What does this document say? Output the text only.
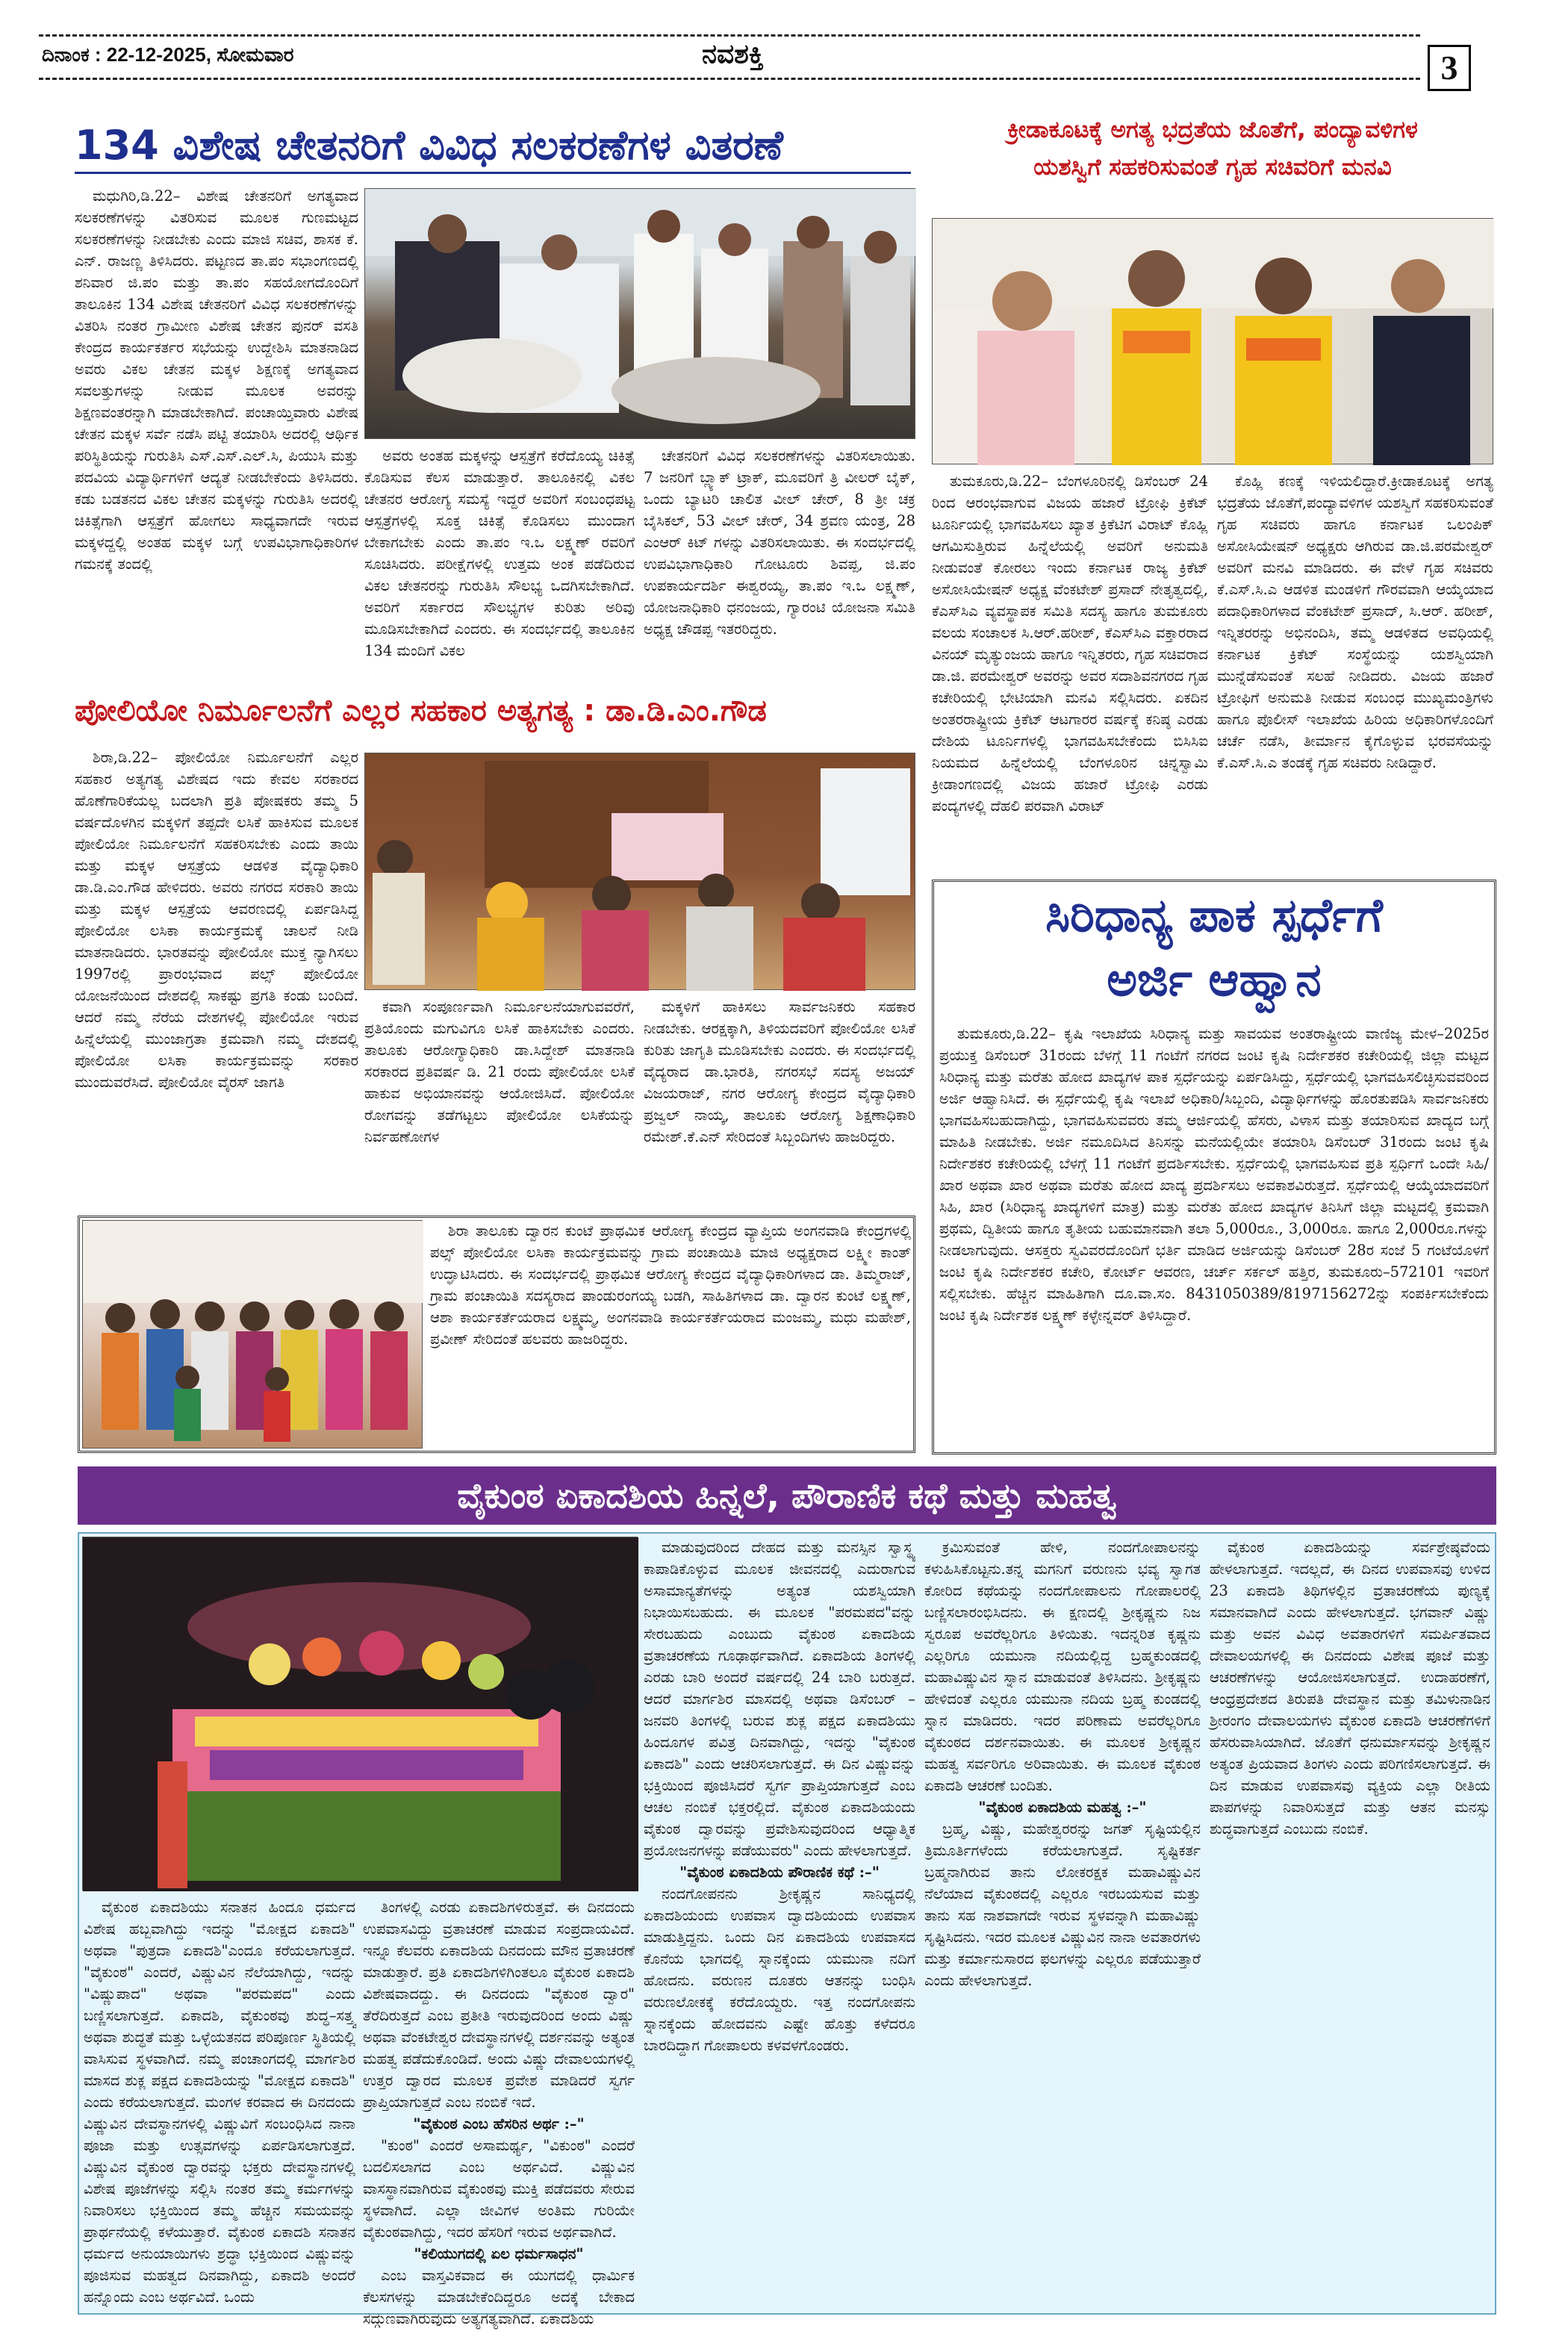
ದಿನಾಂಕ : 22-12-2025, ಸೋಮವಾರ	ನವಶಕ್ತಿ	3
134 ವಿಶೇಷ ಚೇತನರಿಗೆ ವಿವಿಧ ಸಲಕರಣೆಗಳ ವಿತರಣೆ

ಮಧುಗಿರಿ,ಡಿ.22– ವಿಶೇಷ ಚೇತನರಿಗೆ ಅಗತ್ಯವಾದ ಸಲಕರಣೆಗಳನ್ನು ವಿತರಿಸುವ ಮೂಲಕ ಗುಣಮಟ್ಟದ ಸಲಕರಣೆಗಳನ್ನು ನೀಡಬೇಕು ಎಂದು ಮಾಜಿ ಸಚಿವ, ಶಾಸಕ ಕೆ. ಎನ್. ರಾಜಣ್ಣ ತಿಳಿಸಿದರು. ಪಟ್ಟಣದ ತಾ.ಪಂ ಸಭಾಂಗಣದಲ್ಲಿ ಶನಿವಾರ ಜಿ.ಪಂ ಮತ್ತು ತಾ.ಪಂ ಸಹಯೋಗದೊಂದಿಗೆ ತಾಲೂಕಿನ 134 ವಿಶೇಷ ಚೇತನರಿಗೆ ವಿವಿಧ ಸಲಕರಣೆಗಳನ್ನು ವಿತರಿಸಿ ನಂತರ ಗ್ರಾಮೀಣ ವಿಶೇಷ ಚೇತನ ಪುನರ್ ವಸತಿ ಕೇಂದ್ರದ ಕಾರ್ಯಕರ್ತರ ಸಭೆಯನ್ನು ಉದ್ದೇಶಿಸಿ ಮಾತನಾಡಿದ ಅವರು ವಿಕಲ ಚೇತನ ಮಕ್ಕಳ ಶಿಕ್ಷಣಕ್ಕೆ ಅಗತ್ಯವಾದ ಸವಲತ್ತುಗಳನ್ನು ನೀಡುವ ಮೂಲಕ ಅವರನ್ನು ಶಿಕ್ಷಣವಂತರನ್ನಾಗಿ ಮಾಡಬೇಕಾಗಿದೆ. ಪಂಚಾಯ್ತಿವಾರು ವಿಶೇಷ ಚೇತನ ಮಕ್ಕಳ ಸರ್ವೆ ನಡೆಸಿ ಪಟ್ಟಿ ತಯಾರಿಸಿ ಅದರಲ್ಲಿ ಆರ್ಥಿಕ ಪರಿಸ್ಥಿತಿಯನ್ನು ಗುರುತಿಸಿ ಎಸ್.ಎಸ್.ಎಲ್.ಸಿ, ಪಿಯುಸಿ ಮತ್ತು ಪದವಿಯ ವಿದ್ಯಾರ್ಥಿಗಳಿಗೆ ಆದ್ಯತೆ ನೀಡಬೇಕೆಂದು ತಿಳಿಸಿದರು. ಕಡು ಬಡತನದ ವಿಕಲ ಚೇತನ ಮಕ್ಕಳನ್ನು ಗುರುತಿಸಿ ಅದರಲ್ಲಿ ಚಿಕಿತ್ಸೆಗಾಗಿ ಆಸ್ಪತ್ರೆಗೆ ಹೋಗಲು ಸಾಧ್ಯವಾಗದೇ ಇರುವ ಮಕ್ಕಳದ್ದಲ್ಲಿ ಅಂತಹ ಮಕ್ಕಳ ಬಗ್ಗೆ ಉಪವಿಭಾಗಾಧಿಕಾರಿಗಳ ಗಮನಕ್ಕೆ ತಂದಲ್ಲಿ

ಅವರು ಅಂತಹ ಮಕ್ಕಳನ್ನು ಆಸ್ಪತ್ರೆಗೆ ಕರೆದೊಯ್ಯ ಚಿಕಿತ್ಸೆ ಕೊಡಿಸುವ ಕೆಲಸ ಮಾಡುತ್ತಾರೆ. ತಾಲೂಕಿನಲ್ಲಿ ವಿಕಲ ಚೇತನರ ಆರೋಗ್ಯ ಸಮಸ್ಯೆ ಇದ್ದರೆ ಅವರಿಗೆ ಸಂಬಂಧಪಟ್ಟ ಆಸ್ಪತ್ರೆಗಳಲ್ಲಿ ಸೂಕ್ತ ಚಿಕಿತ್ಸೆ ಕೊಡಿಸಲು ಮುಂದಾಗ ಬೇಕಾಗಬೇಕು ಎಂದು ತಾ.ಪಂ ಇ.ಒ ಲಕ್ಷ್ಮಣ್ ರವರಿಗೆ ಸೂಚಿಸಿದರು. ಪರೀಕ್ಷೆಗಳಲ್ಲಿ ಉತ್ತಮ ಅಂಕ ಪಡೆದಿರುವ ವಿಕಲ ಚೇತನರನ್ನು ಗುರುತಿಸಿ ಸೌಲಭ್ಯ ಒದಗಿಸಬೇಕಾಗಿದೆ. ಅವರಿಗೆ ಸರ್ಕಾರದ ಸೌಲಭ್ಯಗಳ ಕುರಿತು ಅರಿವು ಮೂಡಿಸಬೇಕಾಗಿದೆ ಎಂದರು. ಈ ಸಂದರ್ಭದಲ್ಲಿ ತಾಲೂಕಿನ 134 ಮಂದಿಗೆ ವಿಕಲ

ಚೇತನರಿಗೆ ವಿವಿಧ ಸಲಕರಣೆಗಳನ್ನು ವಿತರಿಸಲಾಯಿತು. 7 ಜನರಿಗೆ ಬ್ಲ್ಯಾಕ್ ಟ್ರಾಕ್, ಮೂವರಿಗೆ ತ್ರಿ ವೀಲರ್ ಬೈಕ್, ಒಂದು ಬ್ಯಾಟರಿ ಚಾಲಿತ ವೀಲ್ ಚೇರ್, 8 ತ್ರೀ ಚಕ್ರ ಬೈಸಿಕಲ್, 53 ವೀಲ್ ಚೇರ್, 34 ಶ್ರವಣ ಯಂತ್ರ, 28 ಎಂಆರ್ ಕಿಟ್ ಗಳನ್ನು ವಿತರಿಸಲಾಯಿತು. ಈ ಸಂದರ್ಭದಲ್ಲಿ ಉಪವಿಭಾಗಾಧಿಕಾರಿ ಗೋಟೂರು ಶಿವಪ್ಪ, ಜಿ.ಪಂ ಉಪಕಾರ್ಯದರ್ಶಿ ಈಶ್ವರಯ್ಯ, ತಾ.ಪಂ ಇ.ಒ ಲಕ್ಷ್ಮಣ್, ಯೋಜನಾಧಿಕಾರಿ ಧನಂಜಯ, ಗ್ಯಾರಂಟಿ ಯೋಜನಾ ಸಮಿತಿ ಅಧ್ಯಕ್ಷ ಚೌಡಪ್ಪ ಇತರರಿದ್ದರು.

ಪೋಲಿಯೋ ನಿರ್ಮೂಲನೆಗೆ ಎಲ್ಲರ ಸಹಕಾರ ಅತ್ಯಗತ್ಯ : ಡಾ.ಡಿ.ಎಂ.ಗೌಡ

ಶಿರಾ,ಡಿ.22– ಪೋಲಿಯೋ ನಿರ್ಮೂಲನೆಗೆ ಎಲ್ಲರ ಸಹಕಾರ ಅತ್ಯಗತ್ಯ ವಿಶೇಷದ ಇದು ಕೇವಲ ಸರಕಾರದ ಹೊಣೆಗಾರಿಕೆಯಲ್ಲ ಬದಲಾಗಿ ಪ್ರತಿ ಪೋಷಕರು ತಮ್ಮ 5 ವರ್ಷದೊಳಗಿನ ಮಕ್ಕಳಿಗೆ ತಪ್ಪದೇ ಲಸಿಕೆ ಹಾಕಿಸುವ ಮೂಲಕ ಪೋಲಿಯೋ ನಿರ್ಮೂಲನೆಗೆ ಸಹಕರಿಸಬೇಕು ಎಂದು ತಾಯಿ ಮತ್ತು ಮಕ್ಕಳ ಆಸ್ಪತ್ರೆಯ ಆಡಳಿತ ವೈದ್ಯಾಧಿಕಾರಿ ಡಾ.ಡಿ.ಎಂ.ಗೌಡ ಹೇಳಿದರು. ಅವರು ನಗರದ ಸರಕಾರಿ ತಾಯಿ ಮತ್ತು ಮಕ್ಕಳ ಆಸ್ಪತ್ರೆಯ ಆವರಣದಲ್ಲಿ ಏರ್ಪಡಿಸಿದ್ದ ಪೋಲಿಯೋ ಲಸಿಕಾ ಕಾರ್ಯಕ್ರಮಕ್ಕೆ ಚಾಲನೆ ನೀಡಿ ಮಾತನಾಡಿದರು. ಭಾರತವನ್ನು ಪೋಲಿಯೋ ಮುಕ್ತ ನ್ಯಾಗಿಸಲು 1997ರಲ್ಲಿ ಪ್ರಾರಂಭವಾದ ಪಲ್ಸ್ ಪೋಲಿಯೋ ಯೋಜನೆಯಿಂದ ದೇಶದಲ್ಲಿ ಸಾಕಷ್ಟು ಪ್ರಗತಿ ಕಂಡು ಬಂದಿದೆ. ಆದರೆ ನಮ್ಮ ನೆರೆಯ ದೇಶಗಳಲ್ಲಿ ಪೋಲಿಯೋ ಇರುವ ಹಿನ್ನೆಲೆಯಲ್ಲಿ ಮುಂಜಾಗ್ರತಾ ಕ್ರಮವಾಗಿ ನಮ್ಮ ದೇಶದಲ್ಲಿ ಪೋಲಿಯೋ ಲಸಿಕಾ ಕಾರ್ಯಕ್ರಮವನ್ನು ಸರಕಾರ ಮುಂದುವರೆಸಿದೆ. ಪೋಲಿಯೋ ವೈರಸ್ ಜಾಗತಿ

ಕವಾಗಿ ಸಂಪೂರ್ಣವಾಗಿ ನಿರ್ಮೂಲನೆಯಾಗುವವರೆಗೆ, ಪ್ರತಿಯೊಂದು ಮಗುವಿಗೂ ಲಸಿಕೆ ಹಾಕಿಸಬೇಕು ಎಂದರು. ತಾಲೂಕು ಆರೋಗ್ಯಾಧಿಕಾರಿ ಡಾ.ಸಿದ್ದೇಶ್ ಮಾತನಾಡಿ ಸರಕಾರದ ಪ್ರತಿವರ್ಷ ಡಿ. 21 ರಂದು ಪೋಲಿಯೋ ಲಸಿಕೆ ಹಾಕುವ ಅಭಿಯಾನವನ್ನು ಆಯೋಜಿಸಿದೆ. ಪೋಲಿಯೋ ರೋಗವನ್ನು ತಡೆಗಟ್ಟಲು ಪೋಲಿಯೋ ಲಸಿಕೆಯನ್ನು ನಿರ್ವಹಣೋಗಳ

ಮಕ್ಕಳಿಗೆ ಹಾಕಿಸಲು ಸಾರ್ವಜನಿಕರು ಸಹಕಾರ ನೀಡಬೇಕು. ಆರಕ್ಷಕ್ಕಾಗಿ, ತಿಳಿಯದವರಿಗೆ ಪೋಲಿಯೋ ಲಸಿಕೆ ಕುರಿತು ಜಾಗೃತಿ ಮೂಡಿಸಬೇಕು ಎಂದರು. ಈ ಸಂದರ್ಭದಲ್ಲಿ ವೈದ್ಯರಾದ ಡಾ.ಭಾರತಿ, ನಗರಸಭೆ ಸದಸ್ಯ ಅಜಯ್ ವಿಜಯರಾಜ್, ನಗರ ಆರೋಗ್ಯ ಕೇಂದ್ರದ ವೈದ್ಯಾಧಿಕಾರಿ ಪ್ರಜ್ವಲ್ ನಾಯ್ಕ, ತಾಲೂಕು ಆರೋಗ್ಯ ಶಿಕ್ಷಣಾಧಿಕಾರಿ ರಮೇಶ್.ಕೆ.ಎನ್ ಸೇರಿದಂತೆ ಸಿಬ್ಬಂದಿಗಳು ಹಾಜರಿದ್ದರು.

ಶಿರಾ ತಾಲೂಕು ದ್ವಾರನ ಕುಂಟೆ ಪ್ರಾಥಮಿಕ ಆರೋಗ್ಯ ಕೇಂದ್ರದ ವ್ಯಾಪ್ತಿಯ ಅಂಗನವಾಡಿ ಕೇಂದ್ರಗಳಲ್ಲಿ ಪಲ್ಸ್ ಪೋಲಿಯೋ ಲಸಿಕಾ ಕಾರ್ಯಕ್ರಮವನ್ನು ಗ್ರಾಮ ಪಂಚಾಯಿತಿ ಮಾಜಿ ಅಧ್ಯಕ್ಷರಾದ ಲಕ್ಷ್ಮೀ ಕಾಂತ್ ಉದ್ಘಾಟಿಸಿದರು. ಈ ಸಂದರ್ಭದಲ್ಲಿ ಪ್ರಾಥಮಿಕ ಆರೋಗ್ಯ ಕೇಂದ್ರದ ವೈದ್ಯಾಧಿಕಾರಿಗಳಾದ ಡಾ. ತಿಮ್ಮರಾಜ್, ಗ್ರಾಮ ಪಂಚಾಯಿತಿ ಸದಸ್ಯರಾದ ಪಾಂಡುರಂಗಯ್ಯ ಬಡಗಿ, ಸಾಹಿತಿಗಳಾದ ಡಾ. ದ್ವಾರನ ಕುಂಟೆ ಲಕ್ಷ್ಮಣ್, ಆಶಾ ಕಾರ್ಯಕರ್ತೆಯರಾದ ಲಕ್ಷ್ಮಮ್ಮ, ಅಂಗನವಾಡಿ ಕಾರ್ಯಕರ್ತೆಯರಾದ ಮಂಜಮ್ಮ, ಮಧು ಮಹೇಶ್, ಪ್ರವೀಣ್ ಸೇರಿದಂತೆ ಹಲವರು ಹಾಜರಿದ್ದರು.

ಕ್ರೀಡಾಕೂಟಕ್ಕೆ ಅಗತ್ಯ ಭದ್ರತೆಯ ಜೊತೆಗೆ, ಪಂದ್ಯಾವಳಿಗಳ
ಯಶಸ್ವಿಗೆ ಸಹಕರಿಸುವಂತೆ ಗೃಹ ಸಚಿವರಿಗೆ ಮನವಿ

ತುಮಕೂರು,ಡಿ.22– ಬೆಂಗಳೂರಿನಲ್ಲಿ ಡಿಸೆಂಬರ್ 24 ರಿಂದ ಆರಂಭವಾಗುವ ವಿಜಯ ಹಜಾರೆ ಟ್ರೋಫಿ ಕ್ರಿಕೆಟ್ ಟೂರ್ನಿಯಲ್ಲಿ ಭಾಗವಹಿಸಲು ಖ್ಯಾತ ಕ್ರಿಕೆಟಿಗ ವಿರಾಟ್ ಕೊಹ್ಲಿ ಆಗಮಿಸುತ್ತಿರುವ ಹಿನ್ನೆಲೆಯಲ್ಲಿ ಅವರಿಗೆ ಅನುಮತಿ ನೀಡುವಂತೆ ಕೋರಲು ಇಂದು ಕರ್ನಾಟಕ ರಾಜ್ಯ ಕ್ರಿಕೆಟ್ ಅಸೋಸಿಯೇಷನ್ ಅಧ್ಯಕ್ಷ ವೆಂಕಟೇಶ್ ಪ್ರಸಾದ್ ನೇತೃತ್ವದಲ್ಲಿ, ಕೆಎಸ್‌ಸಿಎ ವ್ಯವಸ್ಥಾಪಕ ಸಮಿತಿ ಸದಸ್ಯ ಹಾಗೂ ತುಮಕೂರು ವಲಯ ಸಂಚಾಲಕ ಸಿ.ಆರ್.ಹರೀಶ್, ಕೆಎಸ್‌ಸಿಎ ವಕ್ತಾರರಾದ ವಿನಯ್ ಮೃತ್ಯುಂಜಯ ಹಾಗೂ ಇನ್ನಿತರರು, ಗೃಹ ಸಚಿವರಾದ ಡಾ.ಜಿ. ಪರಮೇಶ್ವರ್ ಅವರನ್ನು ಅವರ ಸದಾಶಿವನಗರದ ಗೃಹ ಕಚೇರಿಯಲ್ಲಿ ಭೇಟಿಯಾಗಿ ಮನವಿ ಸಲ್ಲಿಸಿದರು. ಏಕದಿನ ಅಂತರರಾಷ್ಟ್ರೀಯ ಕ್ರಿಕೆಟ್ ಆಟಗಾರರ ವರ್ಷಕ್ಕೆ ಕನಿಷ್ಠ ಎರಡು ದೇಶಿಯ ಟೂರ್ನಿಗಳಲ್ಲಿ ಭಾಗವಹಿಸಬೇಕೆಂದು ಬಿಸಿಸಿಐ ನಿಯಮದ ಹಿನ್ನೆಲೆಯಲ್ಲಿ ಬೆಂಗಳೂರಿನ ಚಿನ್ನಸ್ವಾಮಿ ಕ್ರೀಡಾಂಗಣದಲ್ಲಿ ವಿಜಯ ಹಜಾರೆ ಟ್ರೋಫಿ ಎರಡು ಪಂದ್ಯಗಳಲ್ಲಿ ದೆಹಲಿ ಪರವಾಗಿ ವಿರಾಟ್

ಕೊಹ್ಲಿ ಕಣಕ್ಕೆ ಇಳಿಯಲಿದ್ದಾರೆ.ಕ್ರೀಡಾಕೂಟಕ್ಕೆ ಅಗತ್ಯ ಭದ್ರತೆಯ ಜೊತೆಗೆ,ಪಂದ್ಯಾವಳಿಗಳ ಯಶಸ್ವಿಗೆ ಸಹಕರಿಸುವಂತೆ ಗೃಹ ಸಚಿವರು ಹಾಗೂ ಕರ್ನಾಟಕ ಒಲಂಪಿಕ್ ಅಸೋಸಿಯೇಷನ್ ಅಧ್ಯಕ್ಷರು ಆಗಿರುವ ಡಾ.ಜಿ.ಪರಮೇಶ್ವರ್ ಅವರಿಗೆ ಮನವಿ ಮಾಡಿದರು. ಈ ವೇಳೆ ಗೃಹ ಸಚಿವರು ಕೆ.ಎಸ್.ಸಿ.ಎ ಆಡಳಿತ ಮಂಡಳಿಗೆ ಗೌರವವಾಗಿ ಆಯ್ಕೆಯಾದ ಪದಾಧಿಕಾರಿಗಳಾದ ವೆಂಕಟೇಶ್ ಪ್ರಸಾದ್, ಸಿ.ಆರ್. ಹರೀಶ್, ಇನ್ನಿತರರನ್ನು ಅಭಿನಂದಿಸಿ, ತಮ್ಮ ಆಡಳಿತದ ಅವಧಿಯಲ್ಲಿ ಕರ್ನಾಟಕ ಕ್ರಿಕೆಟ್ ಸಂಸ್ಥೆಯನ್ನು ಯಶಸ್ವಿಯಾಗಿ ಮುನ್ನೆಡೆಸುವಂತೆ ಸಲಹೆ ನೀಡಿದರು. ವಿಜಯ ಹಜಾರೆ ಟ್ರೋಫಿಗೆ ಅನುಮತಿ ನೀಡುವ ಸಂಬಂಧ ಮುಖ್ಯಮಂತ್ರಿಗಳು ಹಾಗೂ ಪೊಲೀಸ್ ಇಲಾಖೆಯ ಹಿರಿಯ ಅಧಿಕಾರಿಗಳೊಂದಿಗೆ ಚರ್ಚೆ ನಡೆಸಿ, ತೀರ್ಮಾನ ಕೈಗೊಳ್ಳುವ ಭರವಸೆಯನ್ನು ಕೆ.ಎಸ್.ಸಿ.ಎ ತಂಡಕ್ಕೆ ಗೃಹ ಸಚಿವರು ನೀಡಿದ್ದಾರೆ.

ಸಿರಿಧಾನ್ಯ ಪಾಕ ಸ್ಪರ್ಧೆಗೆ
ಅರ್ಜಿ ಆಹ್ವಾನ

ತುಮಕೂರು,ಡಿ.22– ಕೃಷಿ ಇಲಾಖೆಯ ಸಿರಿಧಾನ್ಯ ಮತ್ತು ಸಾವಯವ ಅಂತರಾಷ್ಟ್ರೀಯ ವಾಣಿಜ್ಯ ಮೇಳ–2025ರ ಪ್ರಯುಕ್ತ ಡಿಸೆಂಬರ್ 31ರಂದು ಬೆಳಗ್ಗೆ 11 ಗಂಟೆಗೆ ನಗರದ ಜಂಟಿ ಕೃಷಿ ನಿರ್ದೇಶಕರ ಕಚೇರಿಯಲ್ಲಿ ಜಿಲ್ಲಾ ಮಟ್ಟದ ಸಿರಿಧಾನ್ಯ ಮತ್ತು ಮರೆತು ಹೋದ ಖಾದ್ಯಗಳ ಪಾಕ ಸ್ಪರ್ಧೆಯನ್ನು ಏರ್ಪಡಿಸಿದ್ದು, ಸ್ಪರ್ಧೆಯಲ್ಲಿ ಭಾಗವಹಿಸಲಿಚ್ಛಿಸುವವರಿಂದ ಅರ್ಜಿ ಆಹ್ವಾನಿಸಿದೆ. ಈ ಸ್ಪರ್ಧೆಯಲ್ಲಿ ಕೃಷಿ ಇಲಾಖೆ ಅಧಿಕಾರಿ/ಸಿಬ್ಬಂದಿ, ವಿದ್ಯಾರ್ಥಿಗಳನ್ನು ಹೊರತುಪಡಿಸಿ ಸಾರ್ವಜನಿಕರು ಭಾಗವಹಿಸಬಹುದಾಗಿದ್ದು, ಭಾಗವಹಿಸುವವರು ತಮ್ಮ ಆರ್ಜಿಯಲ್ಲಿ ಹೆಸರು, ವಿಳಾಸ ಮತ್ತು ತಯಾರಿಸುವ ಖಾದ್ಯದ ಬಗ್ಗೆ ಮಾಹಿತಿ ನೀಡಬೇಕು. ಅರ್ಜಿ ನಮೂದಿಸಿದ ತಿನಿಸನ್ನು ಮನೆಯಲ್ಲಿಯೇ ತಯಾರಿಸಿ ಡಿಸೆಂಬರ್ 31ರಂದು ಜಂಟಿ ಕೃಷಿ ನಿರ್ದೇಶಕರ ಕಚೇರಿಯಲ್ಲಿ ಬೆಳಗ್ಗೆ 11 ಗಂಟೆಗೆ ಪ್ರದರ್ಶಿಸಬೇಕು. ಸ್ಪರ್ಧೆಯಲ್ಲಿ ಭಾಗವಹಿಸುವ ಪ್ರತಿ ಸ್ಪರ್ಧಿಗೆ ಒಂದೇ ಸಿಹಿ/ಖಾರ ಅಥವಾ ಖಾರ ಅಥವಾ ಮರೆತು ಹೋದ ಖಾದ್ಯ ಪ್ರದರ್ಶಿಸಲು ಅವಕಾಶವಿರುತ್ತದೆ. ಸ್ಪರ್ಧೆಯಲ್ಲಿ ಆಯ್ಕೆಯಾದವರಿಗೆ ಸಿಹಿ, ಖಾರ (ಸಿರಿಧಾನ್ಯ ಖಾದ್ಯಗಳಿಗೆ ಮಾತ್ರ) ಮತ್ತು ಮರೆತು ಹೋದ ಖಾದ್ಯಗಳ ತಿನಿಸಿಗೆ ಜಿಲ್ಲಾ ಮಟ್ಟದಲ್ಲಿ ಕ್ರಮವಾಗಿ ಪ್ರಥಮ, ದ್ವಿತೀಯ ಹಾಗೂ ತೃತೀಯ ಬಹುಮಾನವಾಗಿ ತಲಾ 5,000ರೂ., 3,000ರೂ. ಹಾಗೂ 2,000ರೂ.ಗಳನ್ನು ನೀಡಲಾಗುವುದು. ಆಸಕ್ತರು ಸ್ವವಿವರದೊಂದಿಗೆ ಭರ್ತಿ ಮಾಡಿದ ಅರ್ಜಿಯನ್ನು ಡಿಸೆಂಬರ್ 28ರ ಸಂಜೆ 5 ಗಂಟೆಯೊಳಗೆ ಜಂಟಿ ಕೃಷಿ ನಿರ್ದೇಶಕರ ಕಚೇರಿ, ಕೋರ್ಟ್ ಆವರಣ, ಚರ್ಚ್ ಸರ್ಕಲ್ ಹತ್ತಿರ, ತುಮಕೂರು–572101 ಇವರಿಗೆ ಸಲ್ಲಿಸಬೇಕು. ಹೆಚ್ಚಿನ ಮಾಹಿತಿಗಾಗಿ ದೂ.ವಾ.ಸಂ. 8431050389/8197156272ನ್ನು ಸಂಪರ್ಕಿಸಬೇಕೆಂದು ಜಂಟಿ ಕೃಷಿ ನಿರ್ದೇಶಕ ಲಕ್ಷ್ಮಣ್ ಕಳ್ಳೇನ್ನವರ್ ತಿಳಿಸಿದ್ದಾರೆ.

ವೈಕುಂಠ ಏಕಾದಶಿಯ ಹಿನ್ನಲೆ, ಪೌರಾಣಿಕ ಕಥೆ ಮತ್ತು ಮಹತ್ವ

ವೈಕುಂಠ ಏಕಾದಶಿಯು ಸನಾತನ ಹಿಂದೂ ಧರ್ಮದ ವಿಶೇಷ ಹಬ್ಬವಾಗಿದ್ದು ಇದನ್ನು "ಮೋಕ್ಷದ ಏಕಾದಶಿ" ಅಥವಾ "ಪುತ್ರದಾ ಏಕಾದಶಿ"ಎಂದೂ ಕರೆಯಲಾಗುತ್ತದೆ. "ವೈಕುಂಠ" ಎಂದರೆ, ವಿಷ್ಣುವಿನ ನೆಲೆಯಾಗಿದ್ದು, ಇದನ್ನು "ವಿಷ್ಣುಪಾದ" ಅಥವಾ "ಪರಮಪದ" ಎಂದು ಬಣ್ಣಿಸಲಾಗುತ್ತದೆ. ಏಕಾದಶಿ, ವೈಕುಂಠವು ಶುದ್ಧ–ಸತ್ತ್ವ ಅಥವಾ ಶುದ್ಧತೆ ಮತ್ತು ಒಳ್ಳೆಯತನದ ಪರಿಪೂರ್ಣ ಸ್ಥಿತಿಯಲ್ಲಿ ವಾಸಿಸುವ ಸ್ಥಳವಾಗಿದೆ. ನಮ್ಮ ಪಂಚಾಂಗದಲ್ಲಿ ಮಾರ್ಗಶಿರ ಮಾಸದ ಶುಕ್ಲ ಪಕ್ಷದ ಏಕಾದಶಿಯನ್ನು "ಮೋಕ್ಷದ ಏಕಾದಶಿ" ಎಂದು ಕರೆಯಲಾಗುತ್ತದೆ. ಮಂಗಳ ಕರವಾದ ಈ ದಿನದಂದು ವಿಷ್ಣುವಿನ ದೇವಸ್ಥಾನಗಳಲ್ಲಿ ವಿಷ್ಣುವಿಗೆ ಸಂಬಂಧಿಸಿದ ನಾನಾ ಪೂಜಾ ಮತ್ತು ಉತ್ಸವಗಳನ್ನು ಏರ್ಪಡಿಸಲಾಗುತ್ತದೆ. ವಿಷ್ಣುವಿನ ವೈಕುಂಠ ದ್ವಾರವನ್ನು ಭಕ್ತರು ದೇವಸ್ಥಾನಗಳಲ್ಲಿ ವಿಶೇಷ ಪೂಜೆಗಳನ್ನು ಸಲ್ಲಿಸಿ ನಂತರ ತಮ್ಮ ಕರ್ಮಗಳನ್ನು ನಿವಾರಿಸಲು ಭಕ್ತಿಯಿಂದ ತಮ್ಮ ಹೆಚ್ಚಿನ ಸಮಯವನ್ನು ಪ್ರಾರ್ಥನೆಯಲ್ಲಿ ಕಳೆಯುತ್ತಾರೆ. ವೈಕುಂಠ ಏಕಾದಶಿ ಸನಾತನ ಧರ್ಮದ ಅನುಯಾಯಿಗಳು ಶ್ರದ್ಧಾ ಭಕ್ತಿಯಿಂದ ವಿಷ್ಣುವನ್ನು ಪೂಜಿಸುವ ಮಹತ್ವದ ದಿನವಾಗಿದ್ದು, ಏಕಾದಶಿ ಅಂದರೆ ಹನ್ನೊಂದು ಎಂಬ ಅರ್ಥವಿದೆ. ಒಂದು

ತಿಂಗಳಲ್ಲಿ ಎರಡು ಏಕಾದಶಿಗಳಿರುತ್ತವೆ. ಈ ದಿನದಂದು ಉಪವಾಸವಿದ್ದು ವ್ರತಾಚರಣೆ ಮಾಡುವ ಸಂಪ್ರದಾಯವಿದೆ. ಇನ್ನೂ ಕೆಲವರು ಏಕಾದಶಿಯ ದಿನದಂದು ಮೌನ ವ್ರತಾಚರಣೆ ಮಾಡುತ್ತಾರೆ. ಪ್ರತಿ ಏಕಾದಶಿಗಳಿಗಿಂತಲೂ ವೈಕುಂಠ ಏಕಾದಶಿ ವಿಶೇಷವಾದದ್ದು. ಈ ದಿನದಂದು "ವೈಕುಂಠ ದ್ವಾರ" ತೆರೆದಿರುತ್ತದೆ ಎಂಬ ಪ್ರತೀತಿ ಇರುವುದರಿಂದ ಅಂದು ವಿಷ್ಣು ಅಥವಾ ವೆಂಕಟೇಶ್ವರ ದೇವಸ್ಥಾನಗಳಲ್ಲಿ ದರ್ಶನವನ್ನು ಅತ್ಯಂತ ಮಹತ್ವ ಪಡೆದುಕೊಂಡಿದೆ. ಅಂದು ವಿಷ್ಣು ದೇವಾಲಯಗಳಲ್ಲಿ ಉತ್ತರ ದ್ವಾರದ ಮೂಲಕ ಪ್ರವೇಶ ಮಾಡಿದರೆ ಸ್ವರ್ಗ ಪ್ರಾಪ್ತಿಯಾಗುತ್ತದೆ ಎಂಬ ನಂಬಿಕೆ ಇದೆ.

"ವೈಕುಂಠ ಎಂಬ ಹೆಸರಿನ ಅರ್ಥ :–"

"ಕುಂಠ" ಎಂದರೆ ಅಸಾಮರ್ಥ್ಯ, "ವಿಕುಂಠ" ಎಂದರೆ ಬದಲಿಸಲಾಗದ ಎಂಬ ಅರ್ಥವಿದೆ. ವಿಷ್ಣುವಿನ ವಾಸಸ್ಥಾನವಾಗಿರುವ ವೈಕುಂಠವು ಮುಕ್ತಿ ಪಡೆದವರು ಸೇರುವ ಸ್ಥಳವಾಗಿದೆ. ಎಲ್ಲಾ ಜೀವಿಗಳ ಅಂತಿಮ ಗುರಿಯೇ ವೈಕುಂಠವಾಗಿದ್ದು, ಇದರ ಹೆಸರಿಗೆ ಇರುವ ಅರ್ಥವಾಗಿದೆ.

"ಕಲಿಯುಗದಲ್ಲಿ ಏಲ ಧರ್ಮಸಾಧನ"

ಎಂಬ ವಾಸ್ತವಿಕವಾದ ಈ ಯುಗದಲ್ಲಿ ಧಾರ್ಮಿಕ ಕೆಲಸಗಳನ್ನು ಮಾಡಬೇಕೆಂದಿದ್ದರೂ ಅದಕ್ಕೆ ಬೇಕಾದ ಸದ್ಗುಣವಾಗಿರುವುದು ಅತ್ಯಗತ್ಯವಾಗಿದೆ. ಏಕಾದಶಿಯ

ಮಾಡುವುದರಿಂದ ದೇಹದ ಮತ್ತು ಮನಸ್ಸಿನ ಸ್ವಾಸ್ಥ್ಯ ಕಾಪಾಡಿಕೊಳ್ಳುವ ಮೂಲಕ ಜೀವನದಲ್ಲಿ ಎದುರಾಗುವ ಅಸಾಮಾನ್ಯತೆಗಳನ್ನು ಅತ್ಯಂತ ಯಶಸ್ವಿಯಾಗಿ ನಿಭಾಯಿಸಬಹುದು. ಈ ಮೂಲಕ "ಪರಮಪದ"ವನ್ನು ಸೇರಬಹುದು ಎಂಬುದು ವೈಕುಂಠ ಏಕಾದಶಿಯ ವ್ರತಾಚರಣೆಯ ಗೂಢಾರ್ಥವಾಗಿದೆ. ಏಕಾದಶಿಯ ತಿಂಗಳಲ್ಲಿ ಎರಡು ಬಾರಿ ಅಂದರೆ ವರ್ಷದಲ್ಲಿ 24 ಬಾರಿ ಬರುತ್ತದೆ. ಆದರೆ ಮಾರ್ಗಶಿರ ಮಾಸದಲ್ಲಿ ಅಥವಾ ಡಿಸೆಂಬರ್ – ಜನವರಿ ತಿಂಗಳಲ್ಲಿ ಬರುವ ಶುಕ್ಲ ಪಕ್ಷದ ಏಕಾದಶಿಯು ಹಿಂದೂಗಳ ಪವಿತ್ರ ದಿನವಾಗಿದ್ದು, ಇದನ್ನು "ವೈಕುಂಠ ಏಕಾದಶಿ" ಎಂದು ಆಚರಿಸಲಾಗುತ್ತದೆ. ಈ ದಿನ ವಿಷ್ಣುವನ್ನು ಭಕ್ತಿಯಿಂದ ಪೂಜಿಸಿದರೆ ಸ್ವರ್ಗ ಪ್ರಾಪ್ತಿಯಾಗುತ್ತದೆ ಎಂಬ ಆಚಲ ನಂಬಿಕೆ ಭಕ್ತರಲ್ಲಿದೆ. ವೈಕುಂಠ ಏಕಾದಶಿಯಂದು ವೈಕುಂಠ ದ್ವಾರವನ್ನು ಪ್ರವೇಶಿಸುವುದರಿಂದ ಆಧ್ಯಾತ್ಮಿಕ ಪ್ರಯೋಜನಗಳನ್ನು ಪಡೆಯುವರು" ಎಂದು ಹೇಳಲಾಗುತ್ತದೆ.

"ವೈಕುಂಠ ಏಕಾದಶಿಯ ಪೌರಾಣಿಕ ಕಥೆ :–"

ನಂದಗೋಪನನು ಶ್ರೀಕೃಷ್ಣನ ಸಾನಿಧ್ಯದಲ್ಲಿ ಏಕಾದಶಿಯಂದು ಉಪವಾಸ ದ್ವಾದಶಿಯಂದು ಉಪವಾಸ ಮಾಡುತ್ತಿದ್ದನು. ಒಂದು ದಿನ ಏಕಾದಶಿಯ ಉಪವಾಸದ ಕೊನೆಯ ಭಾಗದಲ್ಲಿ ಸ್ನಾನಕ್ಕೆಂದು ಯಮುನಾ ನದಿಗೆ ಹೋದನು. ವರುಣನ ದೂತರು ಆತನನ್ನು ಬಂಧಿಸಿ ವರುಣಲೋಕಕ್ಕೆ ಕರೆದೊಯ್ದರು. ಇತ್ತ ನಂದಗೋಪನು ಸ್ನಾನಕ್ಕೆಂದು ಹೋದವನು ಎಷ್ಟೇ ಹೊತ್ತು ಕಳೆದರೂ ಬಾರದಿದ್ದಾಗ ಗೋಪಾಲರು ಕಳವಳಗೊಂಡರು.

ಕ್ರಮಿಸುವಂತೆ ಹೇಳಿ, ನಂದಗೋಪಾಲನನ್ನು ಕಳುಹಿಸಿಕೊಟ್ಟನು.ತನ್ನ ಮಗನಿಗೆ ವರುಣನು ಭವ್ಯ ಸ್ವಾಗತ ಕೋರಿದ ಕಥೆಯನ್ನು ನಂದಗೋಪಾಲನು ಗೋಪಾಲರಲ್ಲಿ ಬಣ್ಣಿಸಲಾರಂಭಿಸಿದನು. ಈ ಕ್ಷಣದಲ್ಲಿ ಶ್ರೀಕೃಷ್ಣನು ನಿಜ ಸ್ವರೂಪ ಅವರೆಲ್ಲರಿಗೂ ತಿಳಿಯಿತು. ಇದನ್ನರಿತ ಕೃಷ್ಣನು ಎಲ್ಲರಿಗೂ ಯಮುನಾ ನದಿಯಲ್ಲಿದ್ದ ಬ್ರಹ್ಮಕುಂಡದಲ್ಲಿ ಮಹಾವಿಷ್ಣುವಿನ ಸ್ನಾನ ಮಾಡುವಂತೆ ತಿಳಿಸಿದನು. ಶ್ರೀಕೃಷ್ಣನು ಹೇಳಿದಂತೆ ಎಲ್ಲರೂ ಯಮುನಾ ನದಿಯ ಬ್ರಹ್ಮ ಕುಂಡದಲ್ಲಿ ಸ್ನಾನ ಮಾಡಿದರು. ಇದರ ಪರಿಣಾಮ ಅವರೆಲ್ಲರಿಗೂ ವೈಕುಂಠದ ದರ್ಶನವಾಯಿತು. ಈ ಮೂಲಕ ಶ್ರೀಕೃಷ್ಣನ ಮಹತ್ವ ಸರ್ವರಿಗೂ ಅರಿವಾಯಿತು. ಈ ಮೂಲಕ ವೈಕುಂಠ ಏಕಾದಶಿ ಆಚರಣೆ ಬಂದಿತು.

"ವೈಕುಂಠ ಏಕಾದಶಿಯ ಮಹತ್ವ :–"

ಬ್ರಹ್ಮ, ವಿಷ್ಣು, ಮಹೇಶ್ವರರನ್ನು ಜಗತ್ ಸೃಷ್ಟಿಯಲ್ಲಿನ ತ್ರಿಮೂರ್ತಿಗಳೆಂದು ಕರೆಯಲಾಗುತ್ತದೆ. ಸೃಷ್ಟಿಕರ್ತ ಬ್ರಹ್ಮನಾಗಿರುವ ತಾನು ಲೋಕರಕ್ಷಕ ಮಹಾವಿಷ್ಣುವಿನ ನೆಲೆಯಾದ ವೈಕುಂಠದಲ್ಲಿ ಎಲ್ಲರೂ ಇರಬಯಸುವ ಮತ್ತು ತಾನು ಸಹ ನಾಶವಾಗದೇ ಇರುವ ಸ್ಥಳವನ್ನಾಗಿ ಮಹಾವಿಷ್ಣು ಸೃಷ್ಟಿಸಿದನು. ಇದರ ಮೂಲಕ ವಿಷ್ಣುವಿನ ನಾನಾ ಅವತಾರಗಳು ಮತ್ತು ಕರ್ಮಾನುಸಾರದ ಫಲಗಳನ್ನು ಎಲ್ಲರೂ ಪಡೆಯುತ್ತಾರೆ ಎಂದು ಹೇಳಲಾಗುತ್ತದೆ.

ವೈಕುಂಠ ಏಕಾದಶಿಯನ್ನು ಸರ್ವಶ್ರೇಷ್ಠವೆಂದು ಹೇಳಲಾಗುತ್ತದೆ. ಇದಲ್ಲದೆ, ಈ ದಿನದ ಉಪವಾಸವು ಉಳಿದ 23 ಏಕಾದಶಿ ತಿಥಿಗಳಲ್ಲಿನ ವ್ರತಾಚರಣೆಯ ಪುಣ್ಯಕ್ಕೆ ಸಮಾನವಾಗಿದೆ ಎಂದು ಹೇಳಲಾಗುತ್ತದೆ. ಭಗವಾನ್ ವಿಷ್ಣು ಮತ್ತು ಅವನ ವಿವಿಧ ಅವತಾರಗಳಿಗೆ ಸಮರ್ಪಿತವಾದ ದೇವಾಲಯಗಳಲ್ಲಿ ಈ ದಿನದಂದು ವಿಶೇಷ ಪೂಜೆ ಮತ್ತು ಆಚರಣೆಗಳನ್ನು ಆಯೋಜಿಸಲಾಗುತ್ತದೆ. ಉದಾಹರಣೆಗೆ, ಆಂಧ್ರಪ್ರದೇಶದ ತಿರುಪತಿ ದೇವಸ್ಥಾನ ಮತ್ತು ತಮಿಳುನಾಡಿನ ಶ್ರೀರಂಗಂ ದೇವಾಲಯಗಳು ವೈಕುಂಠ ಏಕಾದಶಿ ಆಚರಣೆಗಳಿಗೆ ಹೆಸರುವಾಸಿಯಾಗಿದೆ. ಜೊತೆಗೆ ಧನುರ್ಮಾಸವನ್ನು ಶ್ರೀಕೃಷ್ಣನ ಅತ್ಯಂತ ಪ್ರಿಯವಾದ ತಿಂಗಳು ಎಂದು ಪರಿಗಣಿಸಲಾಗುತ್ತದೆ. ಈ ದಿನ ಮಾಡುವ ಉಪವಾಸವು ವ್ಯಕ್ತಿಯ ಎಲ್ಲಾ ರೀತಿಯ ಪಾಪಗಳನ್ನು ನಿವಾರಿಸುತ್ತದೆ ಮತ್ತು ಆತನ ಮನಸ್ಸು ಶುದ್ಧವಾಗುತ್ತದೆ ಎಂಬುದು ನಂಬಿಕೆ.
